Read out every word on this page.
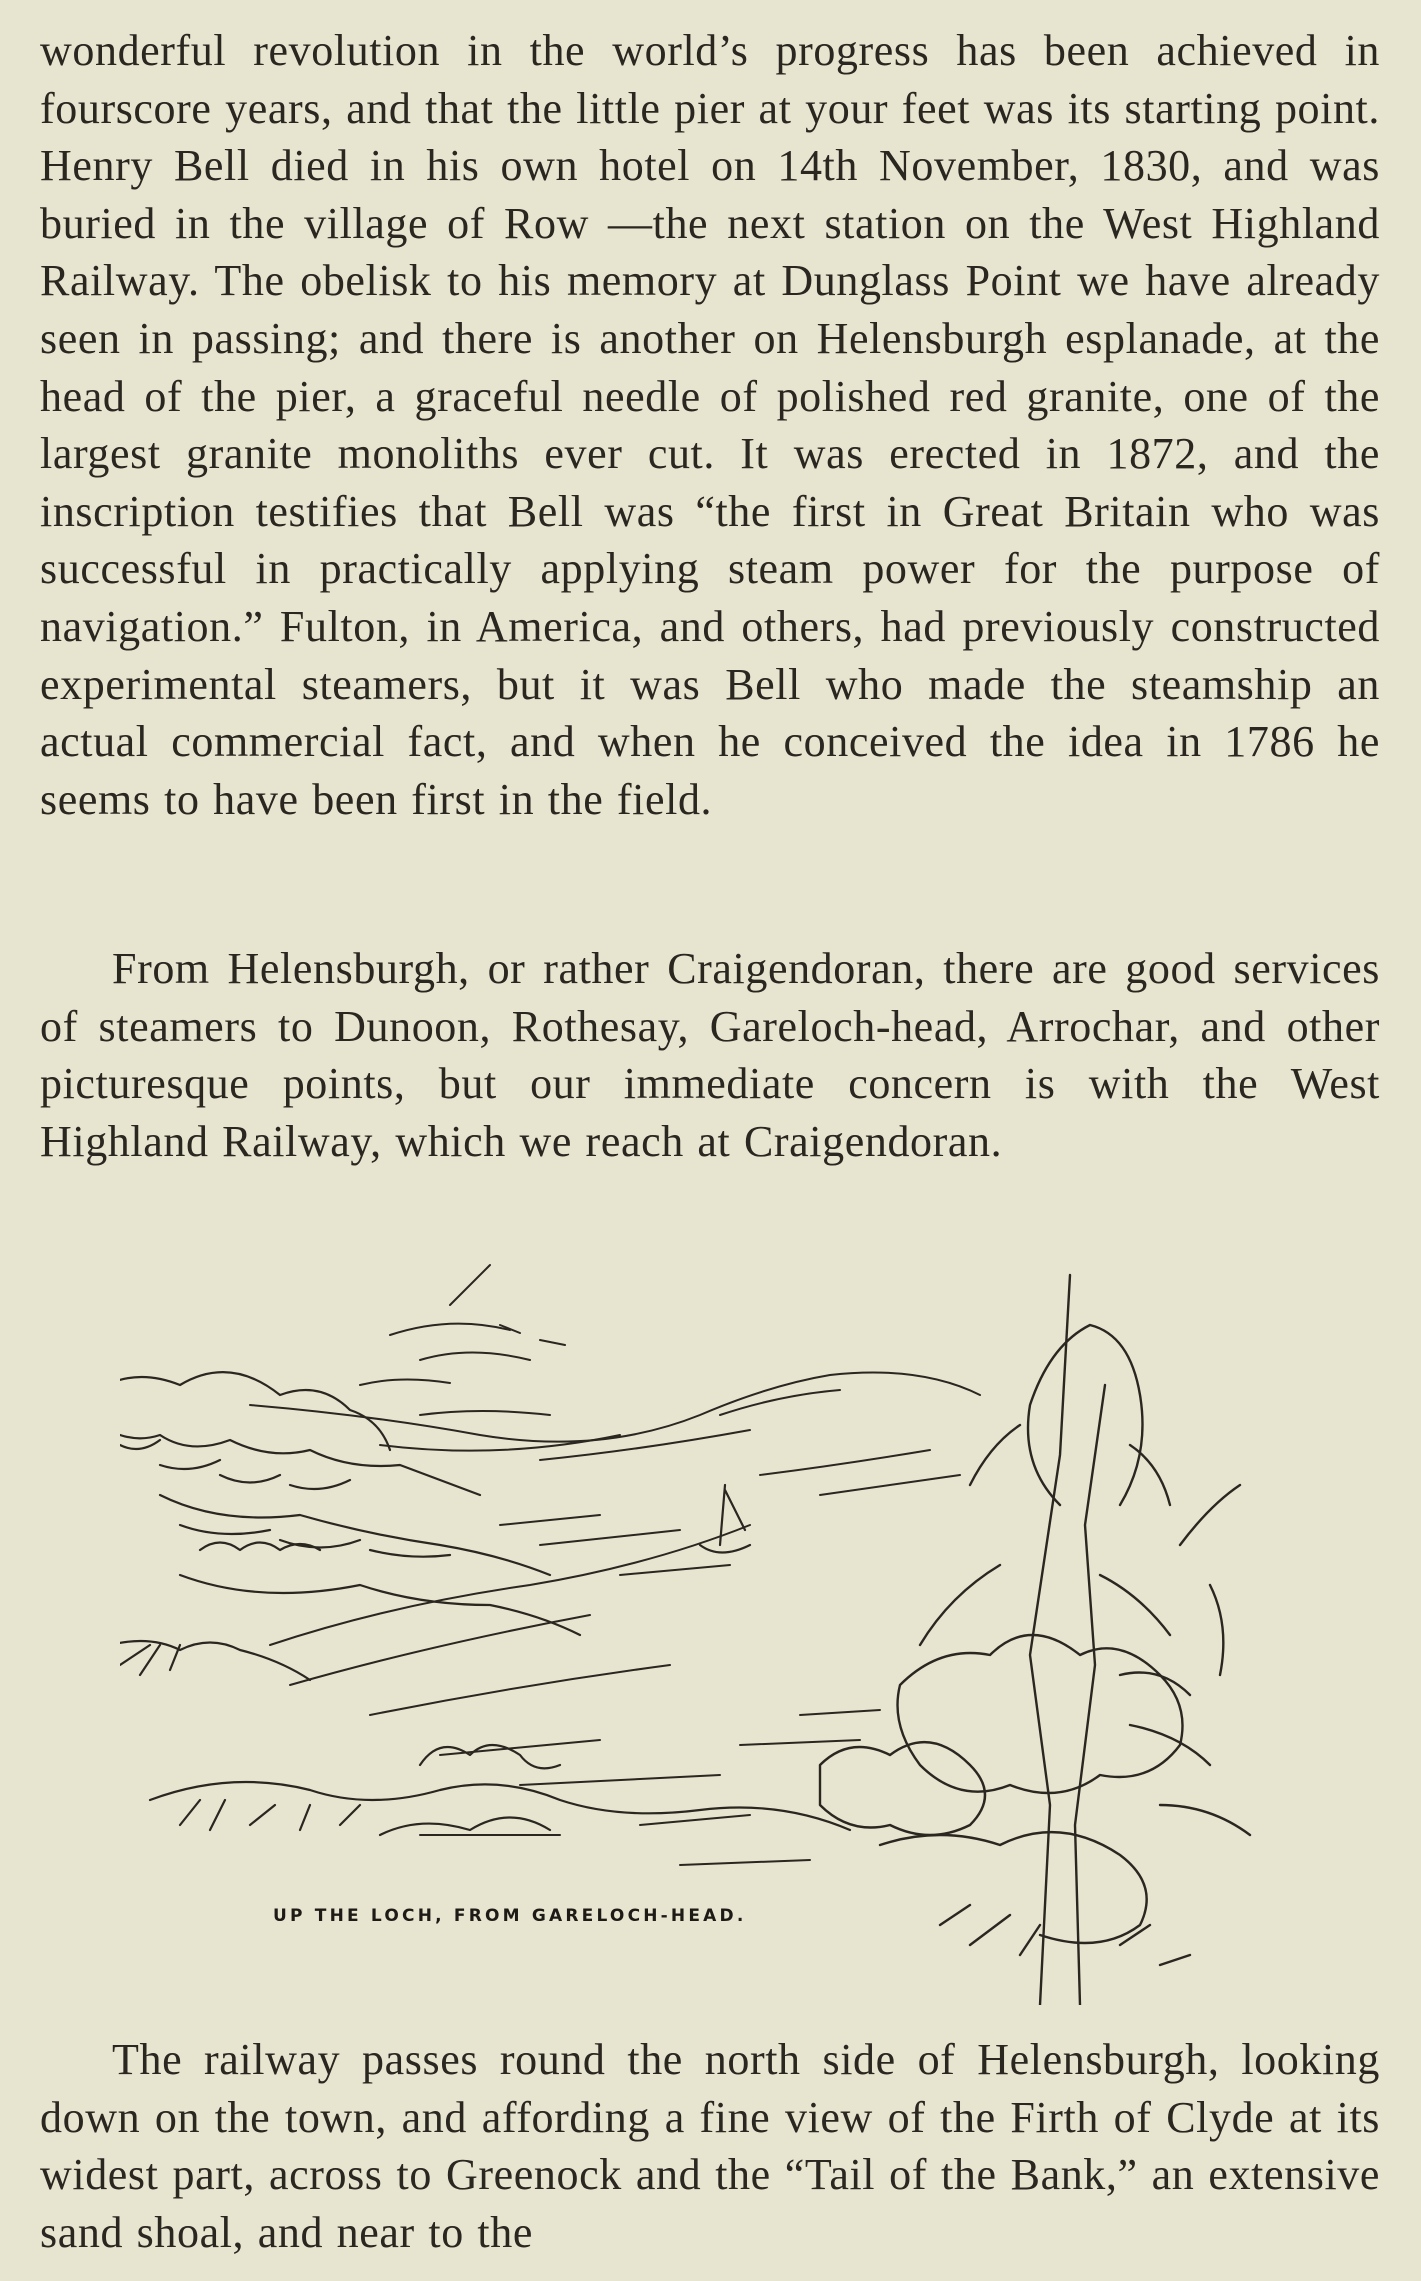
wonderful revolution in the world’s progress has been achieved in fourscore years, and that the little pier at your feet was its starting point. Henry Bell died in his own hotel on 14th November, 1830, and was buried in the village of Row —the next station on the West Highland Railway. The obelisk to his memory at Dunglass Point we have already seen in passing; and there is another on Helensburgh esplanade, at the head of the pier, a graceful needle of polished red granite, one of the largest granite monoliths ever cut. It was erected in 1872, and the inscription testifies that Bell was “the first in Great Britain who was successful in practically applying steam power for the purpose of navigation.” Fulton, in America, and others, had previously constructed experimental steamers, but it was Bell who made the steamship an actual commercial fact, and when he conceived the idea in 1786 he seems to have been first in the field.

From Helensburgh, or rather Craigendoran, there are good services of steamers to Dunoon, Rothesay, Gareloch-head, Arrochar, and other picturesque points, but our immediate concern is with the West Highland Railway, which we reach at Craigendoran.

UP THE LOCH, FROM GARELOCH-HEAD.

The railway passes round the north side of Helensburgh, looking down on the town, and affording a fine view of the Firth of Clyde at its widest part, across to Greenock and the “Tail of the Bank,” an extensive sand shoal, and near to the
